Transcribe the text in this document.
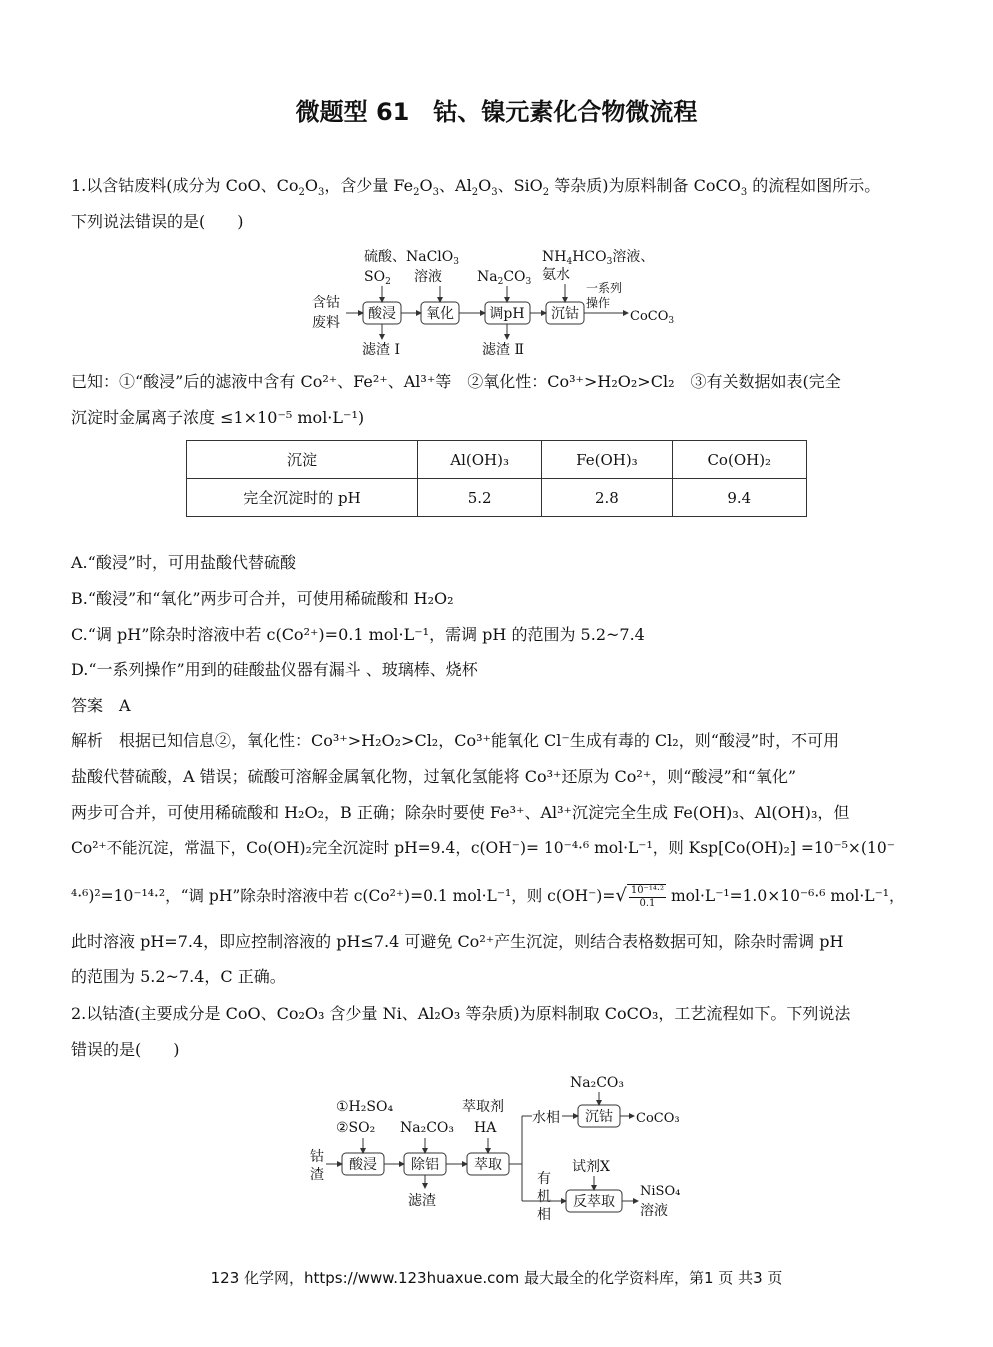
微题型 61　钴、镍元素化合物微流程
1.以含钴废料(成分为 CoO、$Co_2O_3$，含少量 $Fe_2O_3$、$Al_2O_3$、SiO$_2$ 等杂质)为原料制备 CoCO$_3$ 的流程如图所示。
下列说法错误的是(　　)
硫酸、NaClO$_3$
$SO_2$ 溶液	$Na_2CO_3$
$NH_4HCO_3$溶液、
氨水
一系列
操作
含钴
废料	CoCO$_3$
滤渣 Ⅰ	滤渣 Ⅱ
酸浸 氧化	调pH 沉钴
已知：①“酸浸”后的滤液中含有 Co²⁺、Fe²⁺、Al³⁺等　②氧化性：Co³⁺>H₂O₂>Cl₂　③有关数据如表(完全
沉淀时金属离子浓度 ≤1×10⁻⁵ mol·L⁻¹)
沉淀	Al(OH)₃	Fe(OH)₃	Co(OH)₂
完全沉淀时的 pH	5.2	2.8	9.4
A.“酸浸”时，可用盐酸代替硫酸
B.“酸浸”和“氧化”两步可合并，可使用稀硫酸和 H₂O₂
C.“调 pH”除杂时溶液中若 c(Co²⁺)=0.1 mol·L⁻¹，需调 pH 的范围为 5.2~7.4
D.“一系列操作”用到的硅酸盐仪器有漏斗 、玻璃棒、烧杯
答案　A
解析　根据已知信息②，氧化性：Co³⁺>H₂O₂>Cl₂，Co³⁺能氧化 Cl⁻生成有毒的 Cl₂，则“酸浸”时，不可用
盐酸代替硫酸，A 错误；硫酸可溶解金属氧化物，过氧化氢能将 Co³⁺还原为 Co²⁺，则“酸浸”和“氧化”
两步可合并，可使用稀硫酸和 H₂O₂，B 正确；除杂时要使 Fe³⁺、Al³⁺沉淀完全生成 Fe(OH)₃、Al(OH)₃，但
Co²⁺不能沉淀，常温下，Co(OH)₂完全沉淀时 pH=9.4，c(OH⁻)= 10⁻⁴·⁶ mol·L⁻¹，则 Ksp[Co(OH)₂] =10⁻⁵×(10⁻
⁴·⁶)²=10⁻¹⁴·²，“调 pH”除杂时溶液中若 c(Co²⁺)=0.1 mol·L⁻¹，则 $c(OH^-)=√ \frac{\text{10⁻¹⁴·²}}{0.1} mol\cdot L^{-1}=1.0\times 10^{-6}\cdot^6$ mol·L⁻¹，
此时溶液 pH=7.4，即应控制溶液的 pH≤7.4 可避免 Co²⁺产生沉淀，则结合表格数据可知，除杂时需调 pH
的范围为 5.2~7.4，C 正确。
2.以钴渣(主要成分是 CoO、Co₂O₃ 含少量 Ni、Al₂O₃ 等杂质)为原料制取 CoCO₃，工艺流程如下。下列说法
错误的是(　　)
钴
渣
①H₂SO₄
②SO₂ Na₂CO₃
萃取剂
HA
滤渣
水相
Na₂CO₃
CoCO₃
有
机
相
试剂X
NiSO₄
溶液
酸浸 除铝	萃取
沉钴
反萃取
123 化学网，https://www.123huaxue.com 最大最全的化学资料库，第1 页 共3 页
